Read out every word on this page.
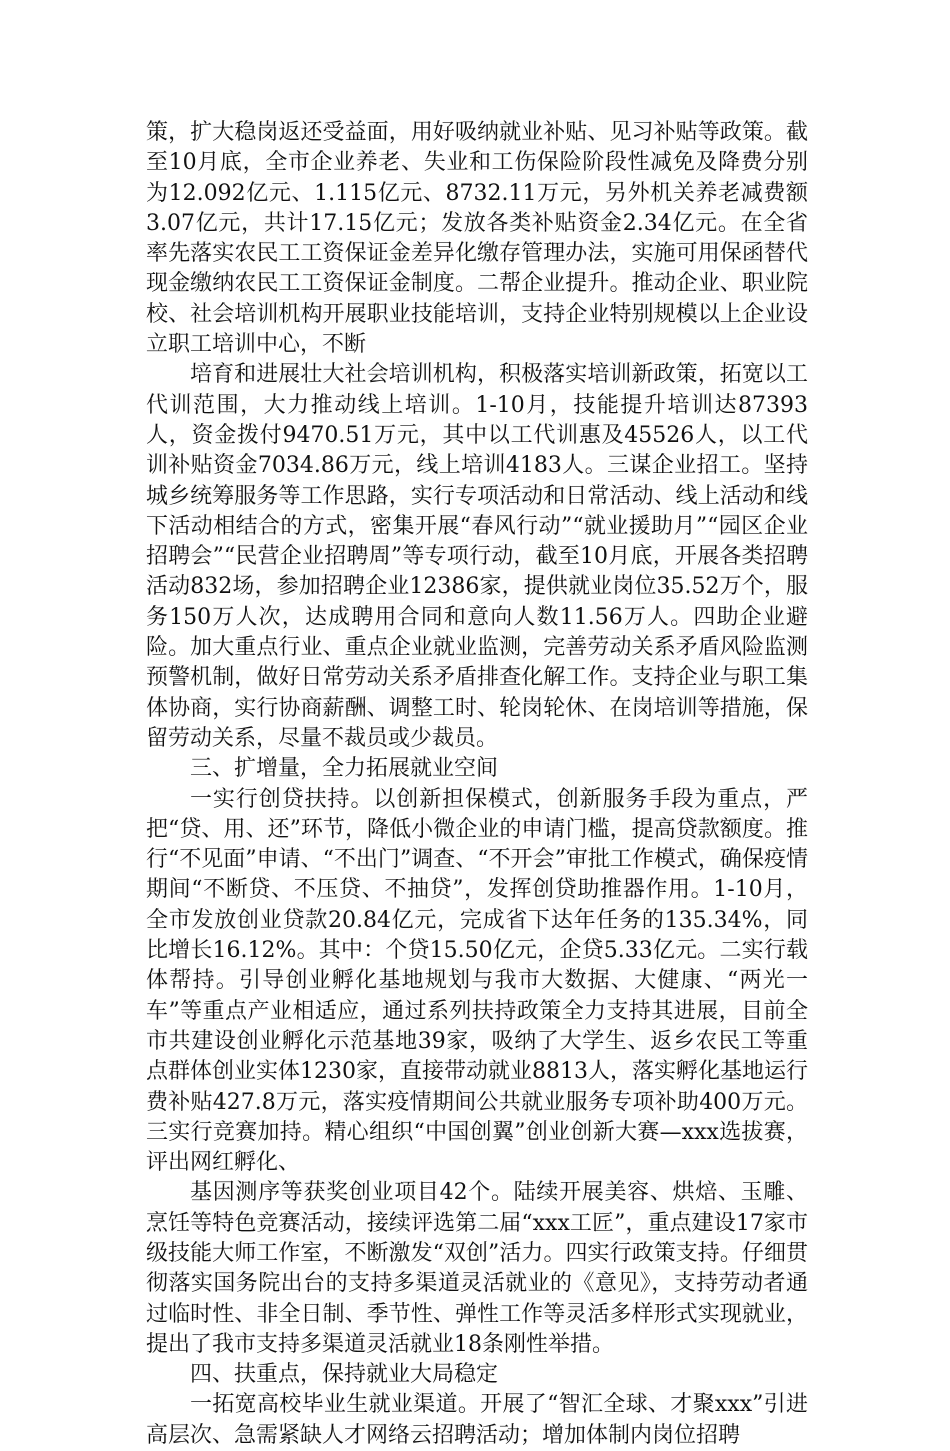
策，扩大稳岗返还受益面，用好吸纳就业补贴、见习补贴等政策。截至10月底，全市企业养老、失业和工伤保险阶段性减免及降费分别为12.092亿元、1.115亿元、8732.11万元，另外机关养老减费额3.07亿元，共计17.15亿元；发放各类补贴资金2.34亿元。在全省率先落实农民工工资保证金差异化缴存管理办法，实施可用保函替代现金缴纳农民工工资保证金制度。二帮企业提升。推动企业、职业院校、社会培训机构开展职业技能培训，支持企业特别规模以上企业设立职工培训中心，不断

培育和进展壮大社会培训机构，积极落实培训新政策，拓宽以工代训范围，大力推动线上培训。1-10月，技能提升培训达87393人，资金拨付9470.51万元，其中以工代训惠及45526人，以工代训补贴资金7034.86万元，线上培训4183人。三谋企业招工。坚持城乡统筹服务等工作思路，实行专项活动和日常活动、线上活动和线下活动相结合的方式，密集开展“春风行动”“就业援助月”“园区企业招聘会”“民营企业招聘周”等专项行动，截至10月底，开展各类招聘活动832场，参加招聘企业12386家，提供就业岗位35.52万个，服务150万人次，达成聘用合同和意向人数11.56万人。四助企业避险。加大重点行业、重点企业就业监测，完善劳动关系矛盾风险监测预警机制，做好日常劳动关系矛盾排查化解工作。支持企业与职工集体协商，实行协商薪酬、调整工时、轮岗轮休、在岗培训等措施，保留劳动关系，尽量不裁员或少裁员。

三、扩增量，全力拓展就业空间

一实行创贷扶持。以创新担保模式，创新服务手段为重点，严把“贷、用、还”环节，降低小微企业的申请门槛，提高贷款额度。推行“不见面”申请、“不出门”调查、“不开会”审批工作模式，确保疫情期间“不断贷、不压贷、不抽贷”，发挥创贷助推器作用。1-10月，全市发放创业贷款20.84亿元，完成省下达年任务的135.34%，同比增长16.12%。其中：个贷15.50亿元，企贷5.33亿元。二实行载体帮持。引导创业孵化基地规划与我市大数据、大健康、“两光一车”等重点产业相适应，通过系列扶持政策全力支持其进展，目前全市共建设创业孵化示范基地39家，吸纳了大学生、返乡农民工等重点群体创业实体1230家，直接带动就业8813人，落实孵化基地运行费补贴427.8万元，落实疫情期间公共就业服务专项补助400万元。三实行竞赛加持。精心组织“中国创翼”创业创新大赛—xxx选拔赛，评出网红孵化、

基因测序等获奖创业项目42个。陆续开展美容、烘焙、玉雕、烹饪等特色竞赛活动，接续评选第二届“xxx工匠”，重点建设17家市级技能大师工作室，不断激发“双创”活力。四实行政策支持。仔细贯彻落实国务院出台的支持多渠道灵活就业的《意见》，支持劳动者通过临时性、非全日制、季节性、弹性工作等灵活多样形式实现就业，提出了我市支持多渠道灵活就业18条刚性举措。

四、扶重点，保持就业大局稳定

一拓宽高校毕业生就业渠道。开展了“智汇全球、才聚xxx”引进高层次、急需紧缺人才网络云招聘活动；增加体制内岗位招聘
